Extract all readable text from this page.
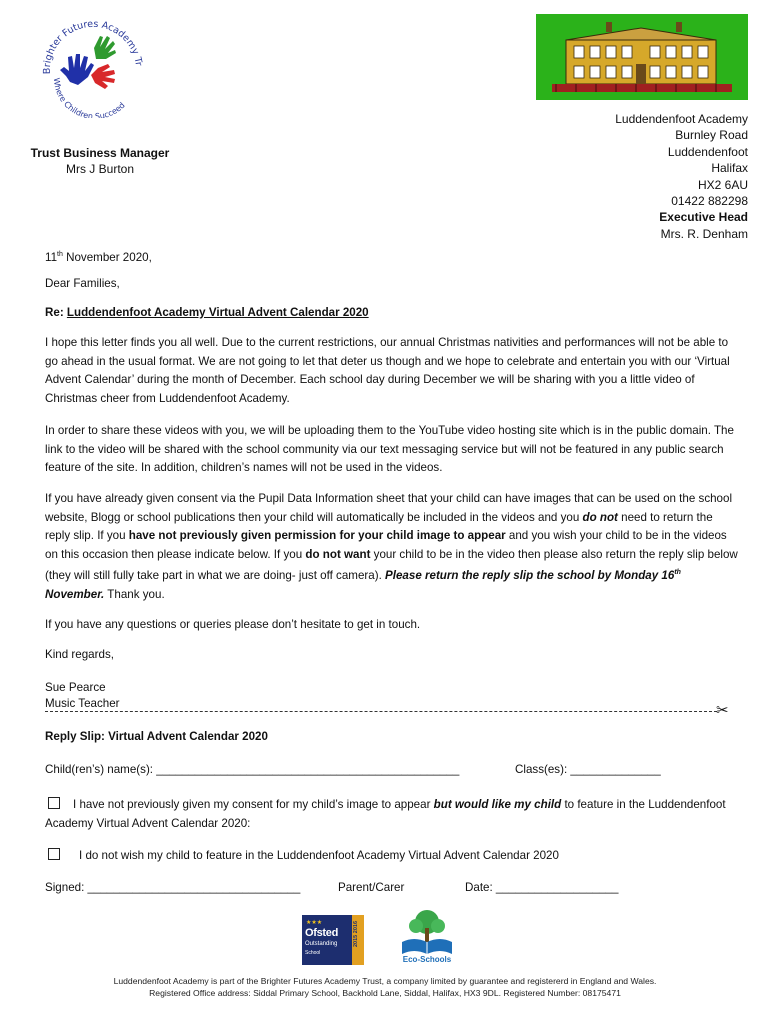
Brighter Futures Academy Tr
Where Children Succeed
Luddendenfoot Academy
Burnley Road
Luddendenfoot
Halifax
HX2 6AU
01422 882298
Executive Head
Mrs. R. Denham
Trust Business Manager
Mrs J Burton
11th November 2020,
Dear Families,
Re: Luddendenfoot Academy Virtual Advent Calendar 2020

I hope this letter finds you all well. Due to the current restrictions, our annual Christmas nativities and performances will not be able to go ahead in the usual format. We are not going to let that deter us though and we hope to celebrate and entertain you with our ‘Virtual Advent Calendar’ during the month of December. Each school day during December we will be sharing with you a little video of Christmas cheer from Luddendenfoot Academy.

In order to share these videos with you, we will be uploading them to the YouTube video hosting site which is in the public domain. The link to the video will be shared with the school community via our text messaging service but will not be featured in any public search feature of the site. In addition, children’s names will not be used in the videos.

If you have already given consent via the Pupil Data Information sheet that your child can have images that can be used on the school website, Blogg or school publications then your child will automatically be included in the videos and you do not need to return the reply slip. If you have not previously given permission for your child image to appear and you wish your child to be in the videos on this occasion then please indicate below. If you do not want your child to be in the video then please also return the reply slip below (they will still fully take part in what we are doing- just off camera). Please return the reply slip the school by Monday 16th November. Thank you.

If you have any questions or queries please don’t hesitate to get in touch.
Kind regards,
Sue Pearce
Music Teacher	✂
Reply Slip: Virtual Advent Calendar 2020
Child(ren’s) name(s): _______________________________________________	Class(es): ______________
I have not previously given my consent for my child’s image to appear but would like my child to feature in the Luddendenfoot Academy Virtual Advent Calendar 2020:
I do not wish my child to feature in the Luddendenfoot Academy Virtual Advent Calendar 2020
Signed: _________________________________	Parent/Carer	Date: ___________________
★★★
Ofsted
Outstanding
School
2015 2016
Eco-Schools
Luddendenfoot Academy is part of the Brighter Futures Academy Trust, a company limited by guarantee and registererd in England and Wales.
Registered Office address: Siddal Primary School, Backhold Lane, Siddal, Halifax, HX3 9DL. Registered Number: 08175471
